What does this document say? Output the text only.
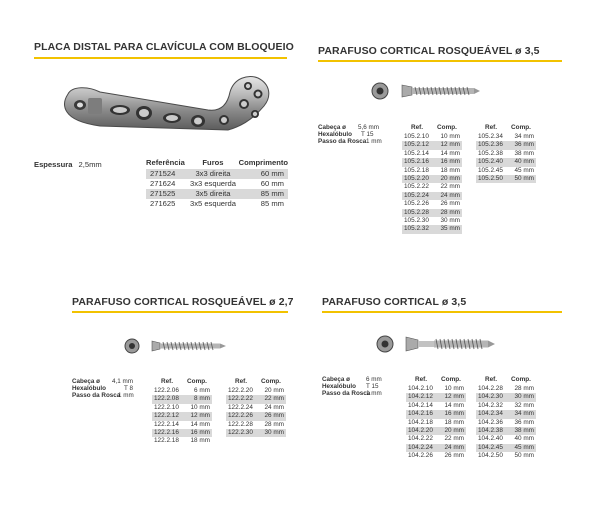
PLACA DISTAL PARA CLAVÍCULA COM BLOQUEIO
Espessura 2,5mm	Referência	Furos	Comprimento
271524	3x3 direita	60 mm
271624	3x3 esquerda	60 mm
271525	3x5 direita	85 mm
271625	3x5 esquerda	85 mm
PARAFUSO CORTICAL ROSQUEÁVEL ø 3,5
Cabeça ø 5,6 mm
Hexalóbulo T 15
Passo da Rosca 1 mm
Ref.	Comp.
105.2.10	10 mm
105.2.12	12 mm
105.2.14	14 mm
105.2.16	16 mm
105.2.18	18 mm
105.2.20	20 mm
105.2.22	22 mm
105.2.24	24 mm
105.2.26	26 mm
105.2.28	28 mm
105.2.30	30 mm
105.2.32	35 mm
Ref.	Comp.
105.2.34	34 mm
105.2.36	36 mm
105.2.38	38 mm
105.2.40	40 mm
105.2.45	45 mm
105.2.50	50 mm
PARAFUSO CORTICAL ROSQUEÁVEL ø 2,7
Cabeça ø 4,1 mm
Hexalóbulo	T 8
Passo da Rosca
1 mm
Ref.	Comp.
122.2.06	6 mm
122.2.08	8 mm
122.2.10	10 mm
122.2.12	12 mm
122.2.14	14 mm
122.2.16	16 mm
122.2.18	18 mm
Ref.	Comp.
122.2.20	20 mm
122.2.22	22 mm
122.2.24	24 mm
122.2.26	26 mm
122.2.28	28 mm
122.2.30	30 mm
PARAFUSO CORTICAL ø 3,5
Cabeça ø	6 mm
Hexalóbulo T 15
Passo da Rosca
1 mm
Ref.	Comp.
104.2.10	10 mm
104.2.12	12 mm
104.2.14	14 mm
104.2.16	16 mm
104.2.18	18 mm
104.2.20	20 mm
104.2.22	22 mm
104.2.24	24 mm
104.2.26	26 mm
Ref.	Comp.
104.2.28	28 mm
104.2.30	30 mm
104.2.32	32 mm
104.2.34	34 mm
104.2.36	36 mm
104.2.38	38 mm
104.2.40	40 mm
104.2.45	45 mm
104.2.50	50 mm
